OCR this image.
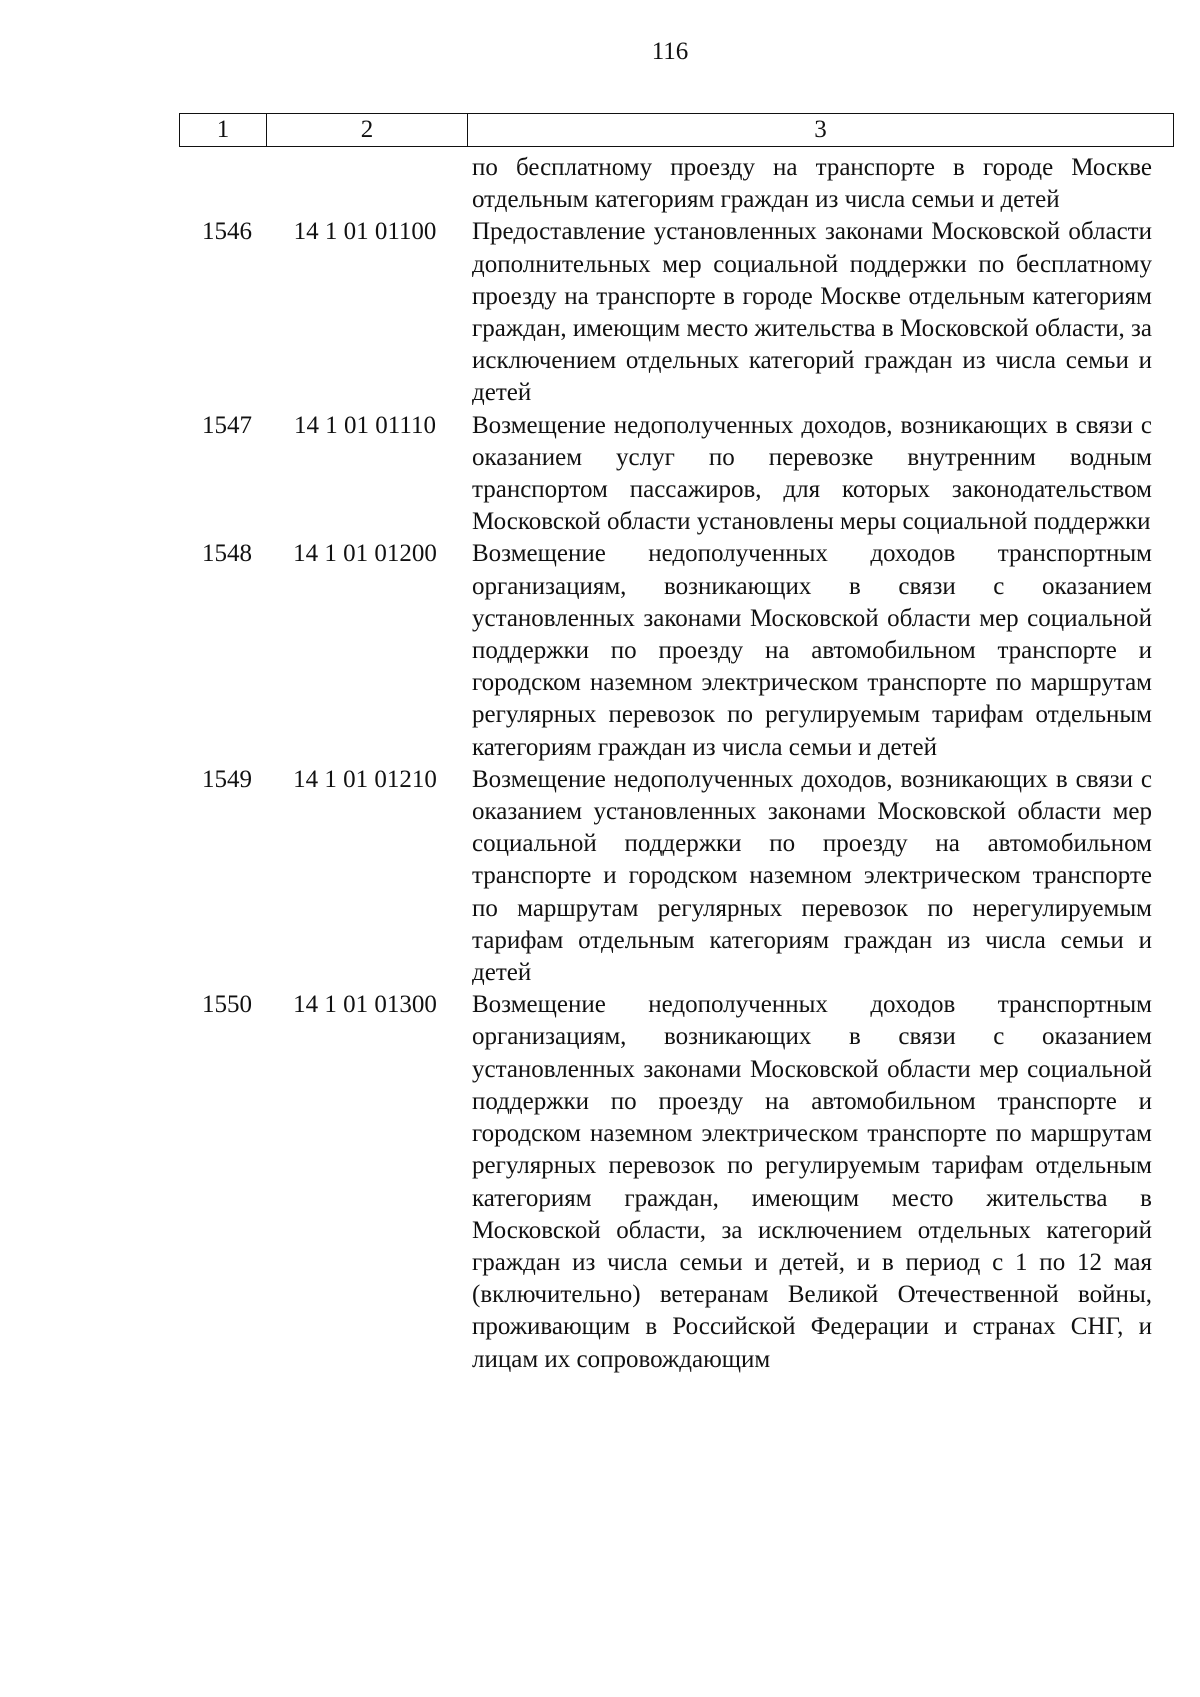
116
1	2	3
по бесплатному проезду на транспорте в городе Москве отдельным категориям граждан из числа семьи и детей
1546	14 1 01 01100	Предоставление установленных законами Московской области дополнительных мер социальной поддержки по бесплатному проезду на транспорте в городе Москве отдельным категориям граждан, имеющим место жительства в Московской области, за исключением отдельных категорий граждан из числа семьи и детей
1547	14 1 01 01110	Возмещение недополученных доходов, возникающих в связи с оказанием услуг по перевозке внутренним водным транспортом пассажиров, для которых законодательством Московской области установлены меры социальной поддержки
1548	14 1 01 01200	Возмещение недополученных доходов транспортным организациям, возникающих в связи с оказанием установленных законами Московской области мер социальной поддержки по проезду на автомобильном транспорте и городском наземном электрическом транспорте по маршрутам регулярных перевозок по регулируемым тарифам отдельным категориям граждан из числа семьи и детей
1549	14 1 01 01210	Возмещение недополученных доходов, возникающих в связи с оказанием установленных законами Московской области мер социальной поддержки по проезду на автомобильном транспорте и городском наземном электрическом транспорте по маршрутам регулярных перевозок по нерегулируемым тарифам отдельным категориям граждан из числа семьи и детей
1550	14 1 01 01300	Возмещение недополученных доходов транспортным организациям, возникающих в связи с оказанием установленных законами Московской области мер социальной поддержки по проезду на автомобильном транспорте и городском наземном электрическом транспорте по маршрутам регулярных перевозок по регулируемым тарифам отдельным категориям граждан, имеющим место жительства в Московской области, за исключением отдельных категорий граждан из числа семьи и детей, и в период с 1 по 12 мая (включительно) ветеранам Великой Отечественной войны, проживающим в Российской Федерации и странах СНГ, и лицам их сопровождающим
